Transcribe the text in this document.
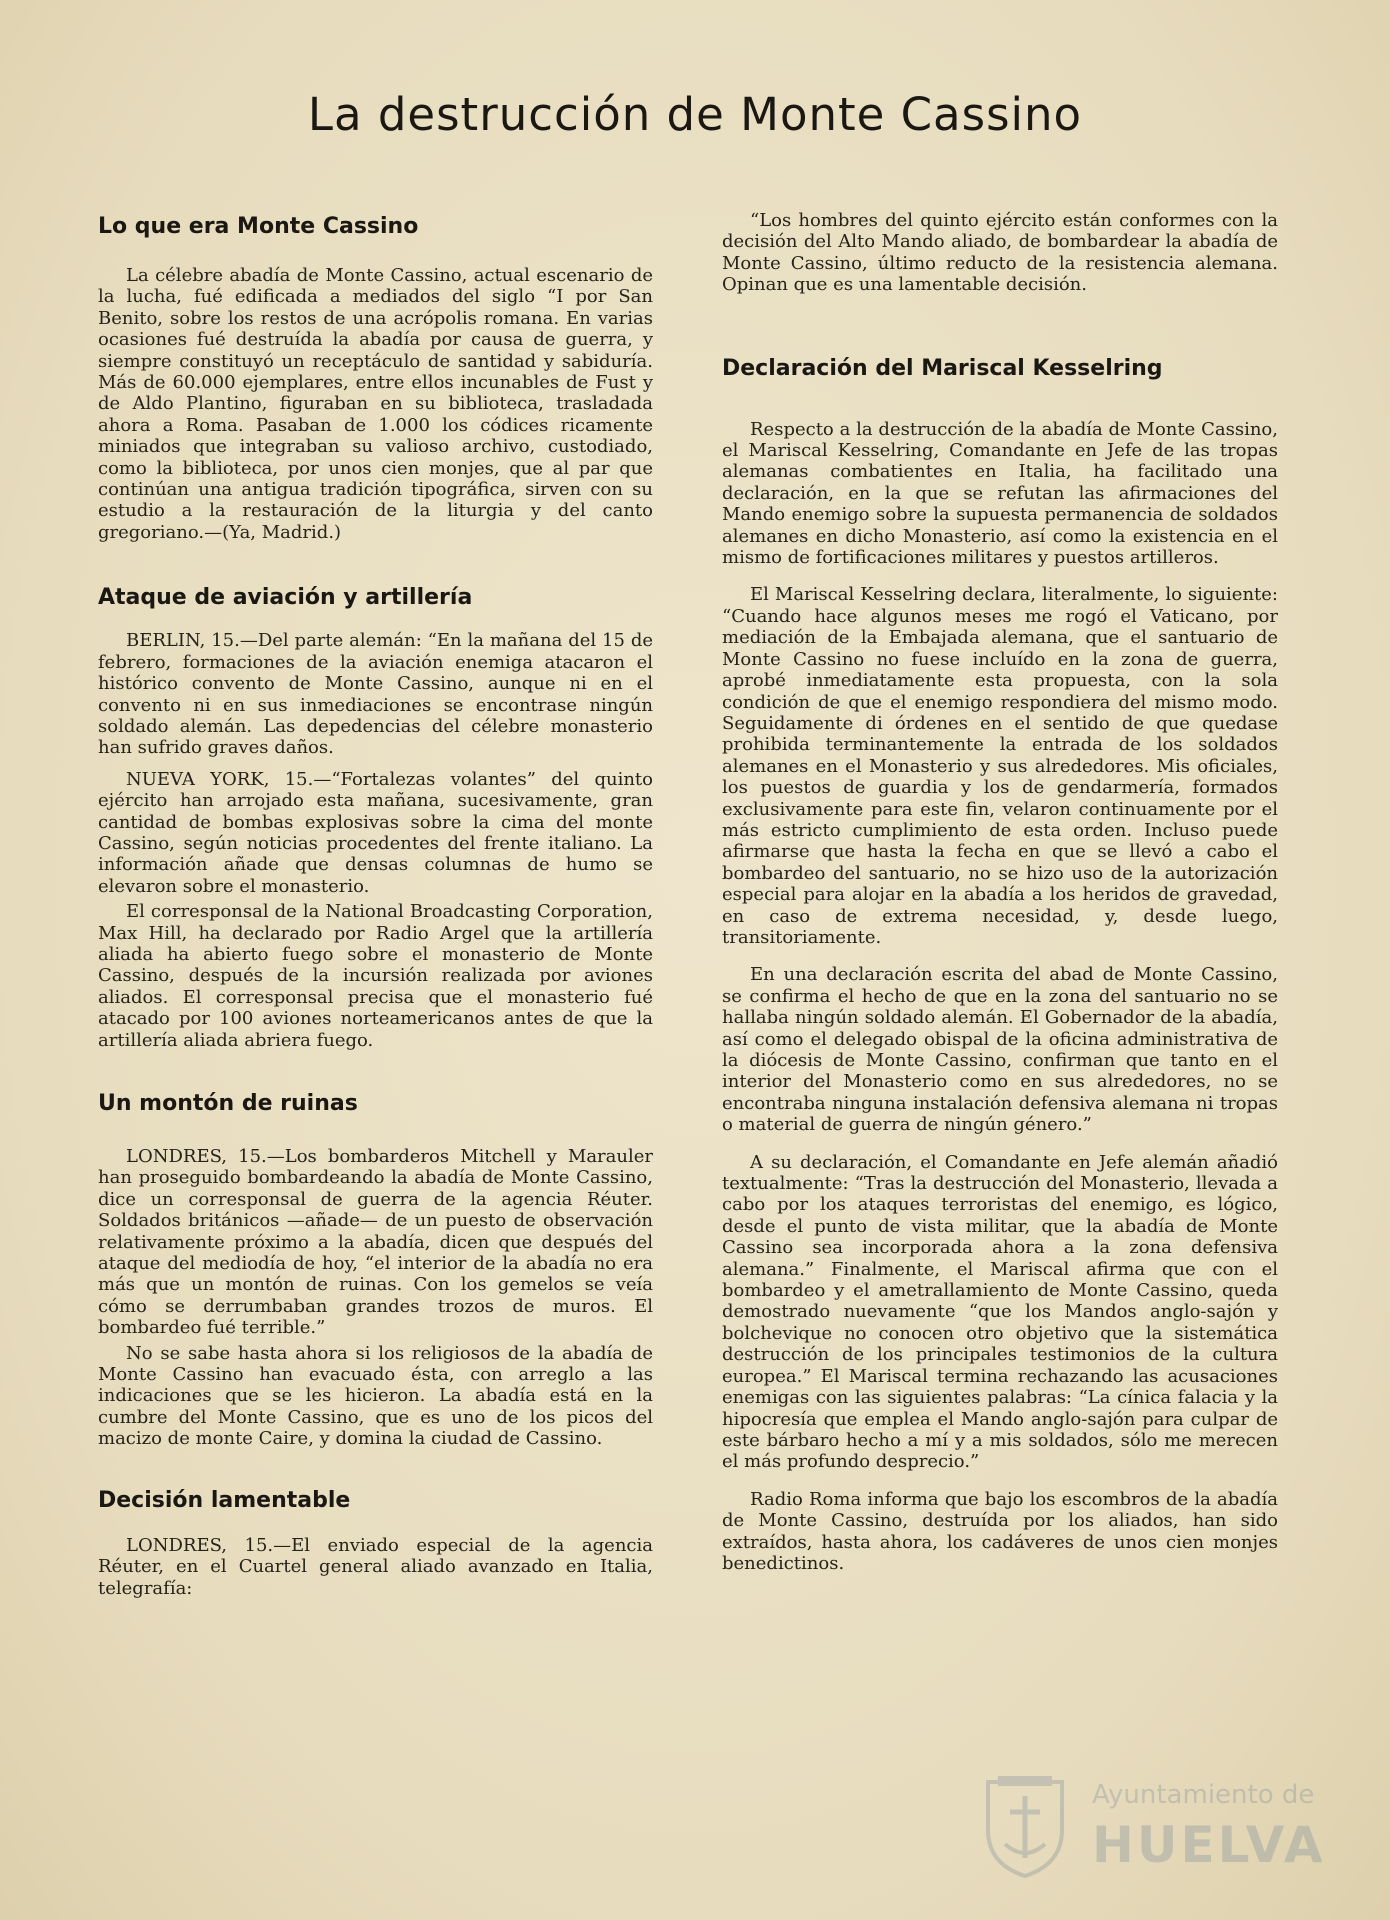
La destrucción de Monte Cassino
Lo que era Monte Cassino

La célebre abadía de Monte Cassino, actual escenario de la lucha, fué edificada a mediados del siglo “I por San Benito, sobre los restos de una acrópolis romana. En varias ocasiones fué destruída la abadía por causa de guerra, y siempre constituyó un receptáculo de santidad y sabiduría. Más de 60.000 ejemplares, entre ellos incunables de Fust y de Aldo Plantino, figuraban en su biblioteca, trasladada ahora a Roma. Pasaban de 1.000 los códices ricamente miniados que integraban su valioso archivo, custodiado, como la biblioteca, por unos cien monjes, que al par que continúan una antigua tradición tipográfica, sirven con su estudio a la restauración de la liturgia y del canto gregoriano.—(Ya, Madrid.)

Ataque de aviación y artillería

BERLIN, 15.—Del parte alemán: “En la mañana del 15 de febrero, formaciones de la aviación enemiga atacaron el histórico convento de Monte Cassino, aunque ni en el convento ni en sus inmediaciones se encontrase ningún soldado alemán. Las depedencias del célebre monasterio han sufrido graves daños.

NUEVA YORK, 15.—“Fortalezas volantes” del quinto ejército han arrojado esta mañana, sucesivamente, gran cantidad de bombas explosivas sobre la cima del monte Cassino, según noticias procedentes del frente italiano. La información añade que densas columnas de humo se elevaron sobre el monasterio.

El corresponsal de la National Broadcasting Corporation, Max Hill, ha declarado por Radio Argel que la artillería aliada ha abierto fuego sobre el monasterio de Monte Cassino, después de la incursión realizada por aviones aliados. El corresponsal precisa que el monasterio fué atacado por 100 aviones norteamericanos antes de que la artillería aliada abriera fuego.

Un montón de ruinas

LONDRES, 15.—Los bombarderos Mitchell y Marauler han proseguido bombardeando la abadía de Monte Cassino, dice un corresponsal de guerra de la agencia Réuter. Soldados británicos —añade— de un puesto de observación relativamente próximo a la abadía, dicen que después del ataque del mediodía de hoy, “el interior de la abadía no era más que un montón de ruinas. Con los gemelos se veía cómo se derrumbaban grandes trozos de muros. El bombardeo fué terrible.”

No se sabe hasta ahora si los religiosos de la abadía de Monte Cassino han evacuado ésta, con arreglo a las indicaciones que se les hicieron. La abadía está en la cumbre del Monte Cassino, que es uno de los picos del macizo de monte Caire, y domina la ciudad de Cassino.

Decisión lamentable

LONDRES, 15.—El enviado especial de la agencia Réuter, en el Cuartel general aliado avanzado en Italia, telegrafía:

“Los hombres del quinto ejército están conformes con la decisión del Alto Mando aliado, de bombardear la abadía de Monte Cassino, último reducto de la resistencia alemana. Opinan que es una lamentable decisión.

Declaración del Mariscal Kesselring

Respecto a la destrucción de la abadía de Monte Cassino, el Mariscal Kesselring, Comandante en Jefe de las tropas alemanas combatientes en Italia, ha facilitado una declaración, en la que se refutan las afirmaciones del Mando enemigo sobre la supuesta permanencia de soldados alemanes en dicho Monasterio, así como la existencia en el mismo de fortificaciones militares y puestos artilleros.

El Mariscal Kesselring declara, literalmente, lo siguiente: “Cuando hace algunos meses me rogó el Vaticano, por mediación de la Embajada alemana, que el santuario de Monte Cassino no fuese incluído en la zona de guerra, aprobé inmediatamente esta propuesta, con la sola condición de que el enemigo respondiera del mismo modo. Seguidamente di órdenes en el sentido de que quedase prohibida terminantemente la entrada de los soldados alemanes en el Monasterio y sus alrededores. Mis oficiales, los puestos de guardia y los de gendarmería, formados exclusivamente para este fin, velaron continuamente por el más estricto cumplimiento de esta orden. Incluso puede afirmarse que hasta la fecha en que se llevó a cabo el bombardeo del santuario, no se hizo uso de la autorización especial para alojar en la abadía a los heridos de gravedad, en caso de extrema necesidad, y, desde luego, transitoriamente.

En una declaración escrita del abad de Monte Cassino, se confirma el hecho de que en la zona del santuario no se hallaba ningún soldado alemán. El Gobernador de la abadía, así como el delegado obispal de la oficina administrativa de la diócesis de Monte Cassino, confirman que tanto en el interior del Monasterio como en sus alrededores, no se encontraba ninguna instalación defensiva alemana ni tropas o material de guerra de ningún género.”

A su declaración, el Comandante en Jefe alemán añadió textualmente: “Tras la destrucción del Monasterio, llevada a cabo por los ataques terroristas del enemigo, es lógico, desde el punto de vista militar, que la abadía de Monte Cassino sea incorporada ahora a la zona defensiva alemana.” Finalmente, el Mariscal afirma que con el bombardeo y el ametrallamiento de Monte Cassino, queda demostrado nuevamente “que los Mandos anglo-sajón y bolchevique no conocen otro objetivo que la sistemática destrucción de los principales testimonios de la cultura europea.” El Mariscal termina rechazando las acusaciones enemigas con las siguientes palabras: “La cínica falacia y la hipocresía que emplea el Mando anglo-sajón para culpar de este bárbaro hecho a mí y a mis soldados, sólo me merecen el más profundo desprecio.”

Radio Roma informa que bajo los escombros de la abadía de Monte Cassino, destruída por los aliados, han sido extraídos, hasta ahora, los cadáveres de unos cien monjes benedictinos.

Ayuntamiento de
HUELVA
